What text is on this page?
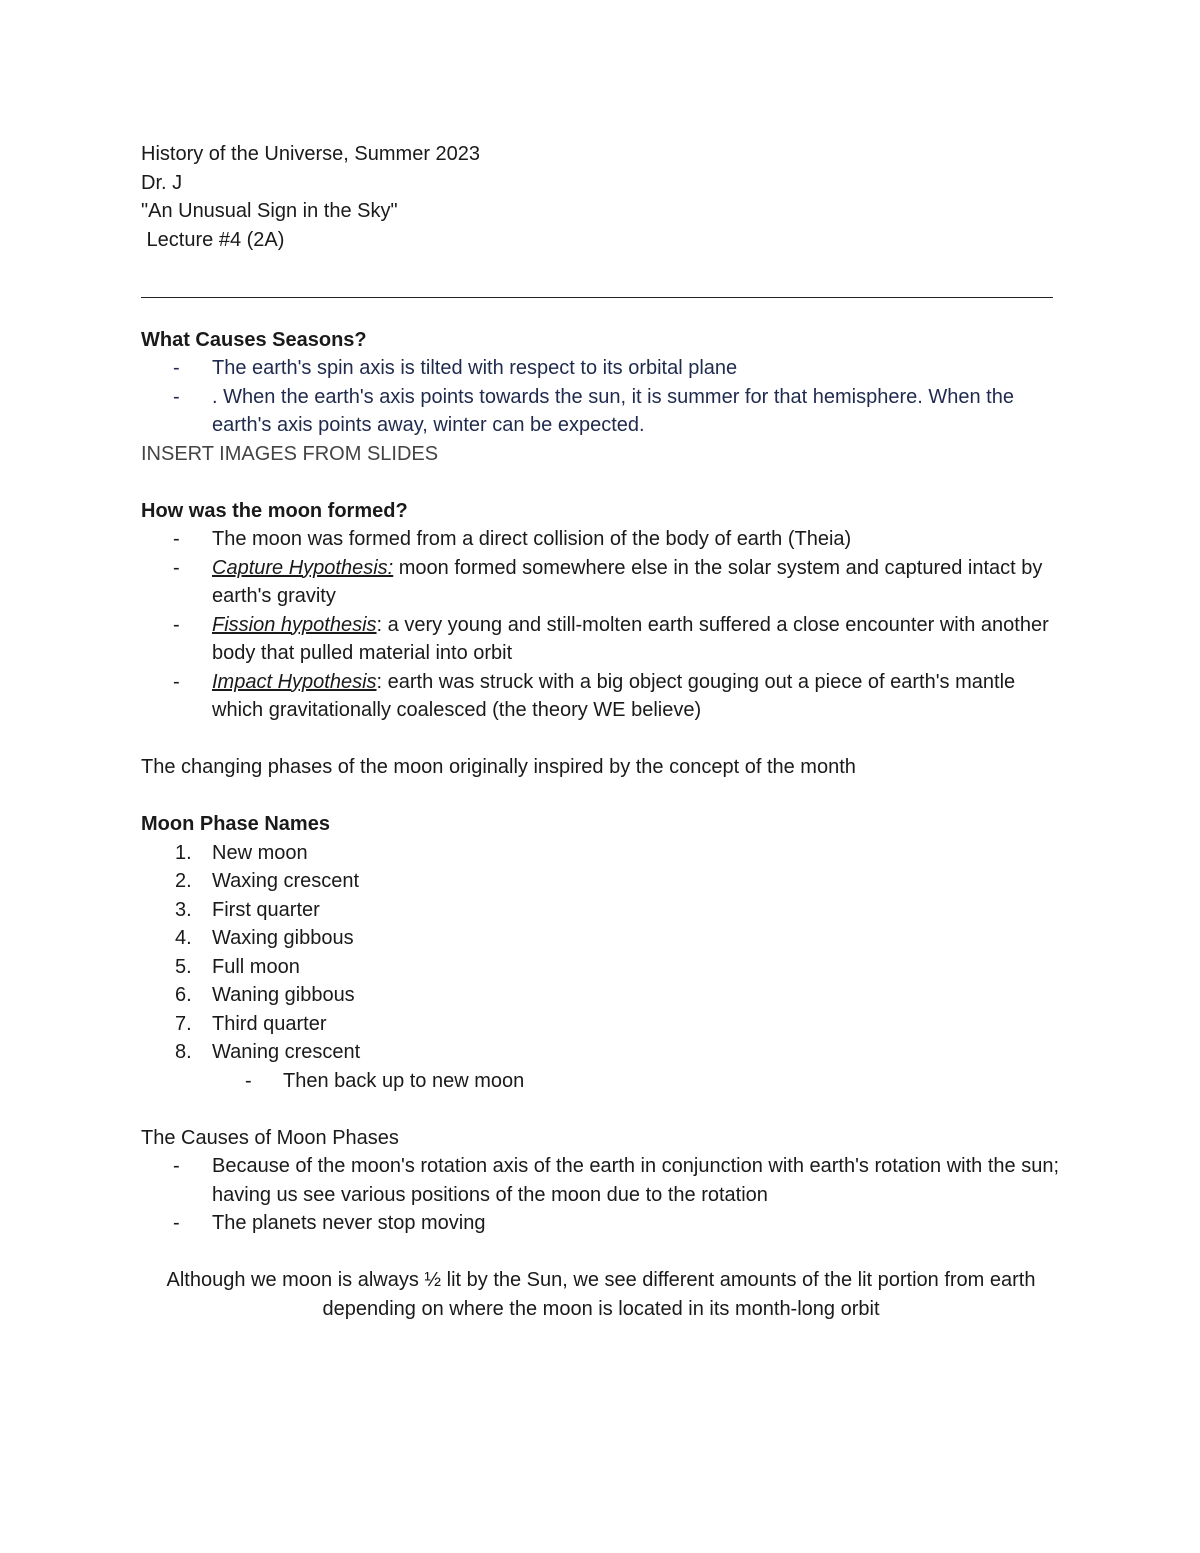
History of the Universe, Summer 2023
Dr. J
"An Unusual Sign in the Sky"
Lecture #4 (2A)
What Causes Seasons?
- The earth's spin axis is tilted with respect to its orbital plane
- . When the earth's axis points towards the sun, it is summer for that hemisphere. When the earth's axis points away, winter can be expected.
INSERT IMAGES FROM SLIDES
How was the moon formed?
- The moon was formed from a direct collision of the body of earth (Theia)
- Capture Hypothesis: moon formed somewhere else in the solar system and captured intact by earth's gravity
- Fission hypothesis: a very young and still-molten earth suffered a close encounter with another body that pulled material into orbit
- Impact Hypothesis: earth was struck with a big object gouging out a piece of earth's mantle which gravitationally coalesced (the theory WE believe)
The changing phases of the moon originally inspired by the concept of the month
Moon Phase Names
1. New moon
2. Waxing crescent
3. First quarter
4. Waxing gibbous
5. Full moon
6. Waning gibbous
7. Third quarter
8. Waning crescent
- Then back up to new moon
The Causes of Moon Phases
- Because of the moon's rotation axis of the earth in conjunction with earth's rotation with the sun; having us see various positions of the moon due to the rotation
- The planets never stop moving
Although we moon is always ½ lit by the Sun, we see different amounts of the lit portion from earth depending on where the moon is located in its month-long orbit
